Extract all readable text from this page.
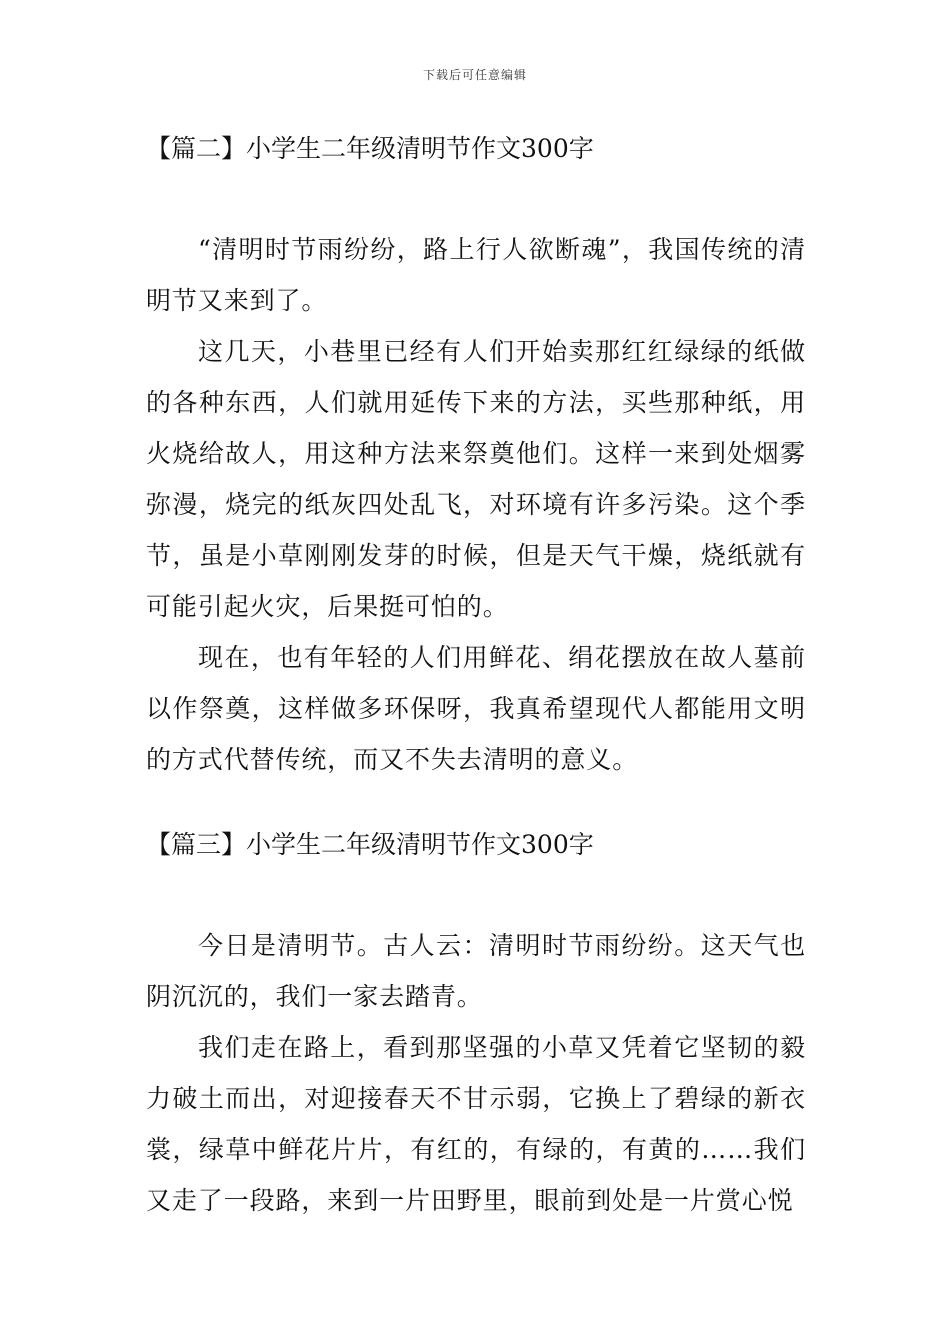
下载后可任意编辑
【篇二】小学生二年级清明节作文300字

“清明时节雨纷纷，路上行人欲断魂”，我国传统的清明节又来到了。

这几天，小巷里已经有人们开始卖那红红绿绿的纸做的各种东西，人们就用延传下来的方法，买些那种纸，用火烧给故人，用这种方法来祭奠他们。这样一来到处烟雾弥漫，烧完的纸灰四处乱飞，对环境有许多污染。这个季节，虽是小草刚刚发芽的时候，但是天气干燥，烧纸就有可能引起火灾，后果挺可怕的。

现在，也有年轻的人们用鲜花、绢花摆放在故人墓前以作祭奠，这样做多环保呀，我真希望现代人都能用文明的方式代替传统，而又不失去清明的意义。

【篇三】小学生二年级清明节作文300字

今日是清明节。古人云：清明时节雨纷纷。这天气也阴沉沉的，我们一家去踏青。

我们走在路上，看到那坚强的小草又凭着它坚韧的毅力破土而出，对迎接春天不甘示弱，它换上了碧绿的新衣裳，绿草中鲜花片片，有红的，有绿的，有黄的……我们又走了一段路，来到一片田野里，眼前到处是一片赏心悦
